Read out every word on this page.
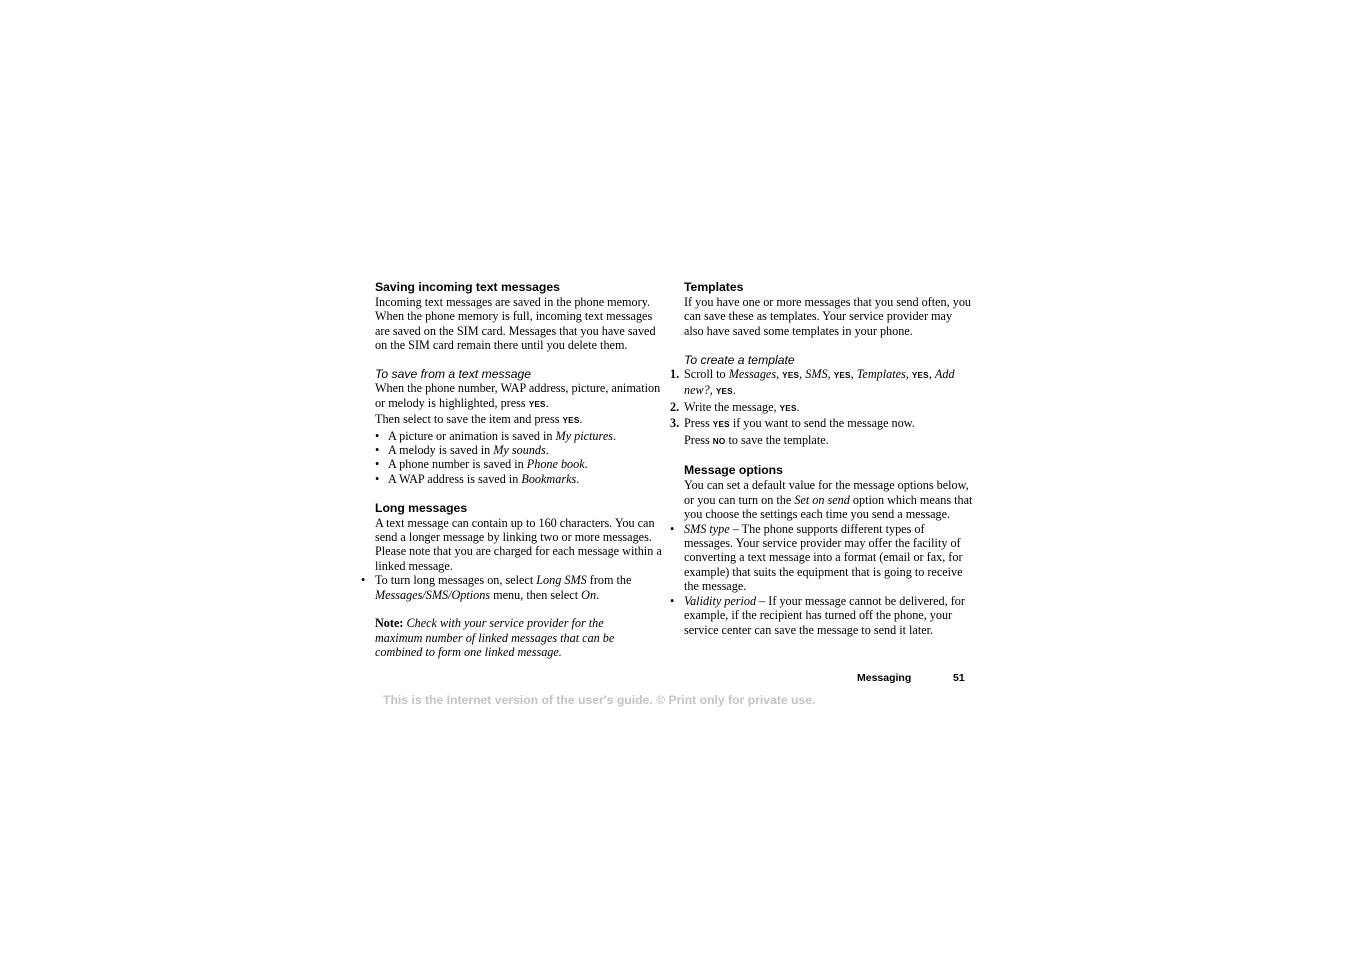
Saving incoming text messages

Incoming text messages are saved in the phone memory. When the phone memory is full, incoming text messages are saved on the SIM card. Messages that you have saved on the SIM card remain there until you delete them.

To save from a text message

When the phone number, WAP address, picture, animation or melody is highlighted, press YES.

Then select to save the item and press YES.

• A picture or animation is saved in My pictures.
• A melody is saved in My sounds.
• A phone number is saved in Phone book.
• A WAP address is saved in Bookmarks.
Long messages

A text message can contain up to 160 characters. You can send a longer message by linking two or more messages. Please note that you are charged for each message within a linked message.

• To turn long messages on, select Long SMS from the Messages/SMS/Options menu, then select On.

Note: Check with your service provider for the maximum number of linked messages that can be combined to form one linked message.

Templates

If you have one or more messages that you send often, you can save these as templates. Your service provider may also have saved some templates in your phone.

To create a template

1. Scroll to Messages, YES, SMS, YES, Templates, YES, Add new?, YES.
2. Write the message, YES.
3. Press YES if you want to send the message now.
Press NO to save the template.
Message options

You can set a default value for the message options below, or you can turn on the Set on send option which means that you choose the settings each time you send a message.

• SMS type – The phone supports different types of messages. Your service provider may offer the facility of converting a text message into a format (email or fax, for example) that suits the equipment that is going to receive the message.
• Validity period – If your message cannot be delivered, for example, if the recipient has turned off the phone, your service center can save the message to send it later.
Messaging	51
This is the Internet version of the user's guide. © Print only for private use.
